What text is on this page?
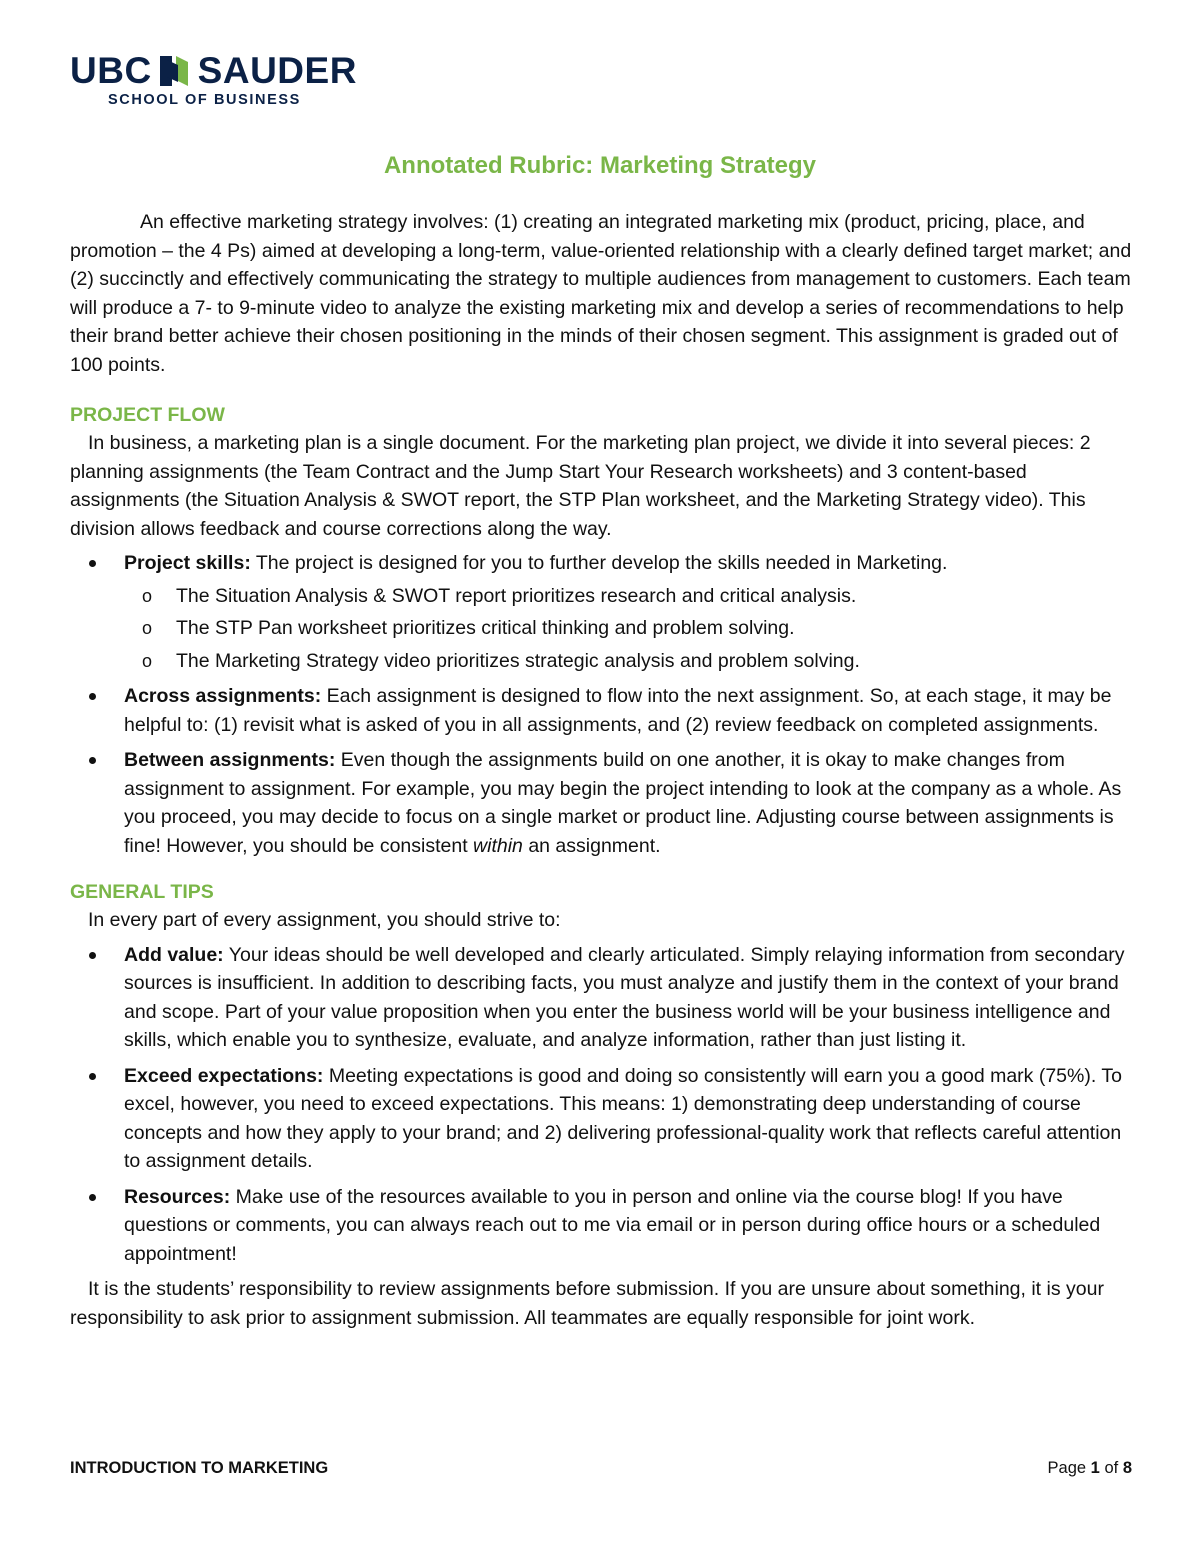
UBC SAUDER
SCHOOL OF BUSINESS
Annotated Rubric: Marketing Strategy

An effective marketing strategy involves: (1) creating an integrated marketing mix (product, pricing, place, and promotion – the 4 Ps) aimed at developing a long-term, value-oriented relationship with a clearly defined target market; and (2) succinctly and effectively communicating the strategy to multiple audiences from management to customers. Each team will produce a 7- to 9-minute video to analyze the existing marketing mix and develop a series of recommendations to help their brand better achieve their chosen positioning in the minds of their chosen segment. This assignment is graded out of 100 points.

PROJECT FLOW

In business, a marketing plan is a single document. For the marketing plan project, we divide it into several pieces: 2 planning assignments (the Team Contract and the Jump Start Your Research worksheets) and 3 content-based assignments (the Situation Analysis & SWOT report, the STP Plan worksheet, and the Marketing Strategy video). This division allows feedback and course corrections along the way.

Project skills: The project is designed for you to further develop the skills needed in Marketing.
o The Situation Analysis & SWOT report prioritizes research and critical analysis.
o The STP Pan worksheet prioritizes critical thinking and problem solving.
o The Marketing Strategy video prioritizes strategic analysis and problem solving.
Across assignments: Each assignment is designed to flow into the next assignment. So, at each stage, it may be helpful to: (1) revisit what is asked of you in all assignments, and (2) review feedback on completed assignments.
Between assignments: Even though the assignments build on one another, it is okay to make changes from assignment to assignment. For example, you may begin the project intending to look at the company as a whole. As you proceed, you may decide to focus on a single market or product line. Adjusting course between assignments is fine! However, you should be consistent within an assignment.
GENERAL TIPS

In every part of every assignment, you should strive to:

Add value: Your ideas should be well developed and clearly articulated. Simply relaying information from secondary sources is insufficient. In addition to describing facts, you must analyze and justify them in the context of your brand and scope. Part of your value proposition when you enter the business world will be your business intelligence and skills, which enable you to synthesize, evaluate, and analyze information, rather than just listing it.
Exceed expectations: Meeting expectations is good and doing so consistently will earn you a good mark (75%). To excel, however, you need to exceed expectations. This means: 1) demonstrating deep understanding of course concepts and how they apply to your brand; and 2) delivering professional-quality work that reflects careful attention to assignment details.
Resources: Make use of the resources available to you in person and online via the course blog! If you have questions or comments, you can always reach out to me via email or in person during office hours or a scheduled appointment!

It is the students’ responsibility to review assignments before submission. If you are unsure about something, it is your responsibility to ask prior to assignment submission. All teammates are equally responsible for joint work.

INTRODUCTION TO MARKETING	Page 1 of 8
